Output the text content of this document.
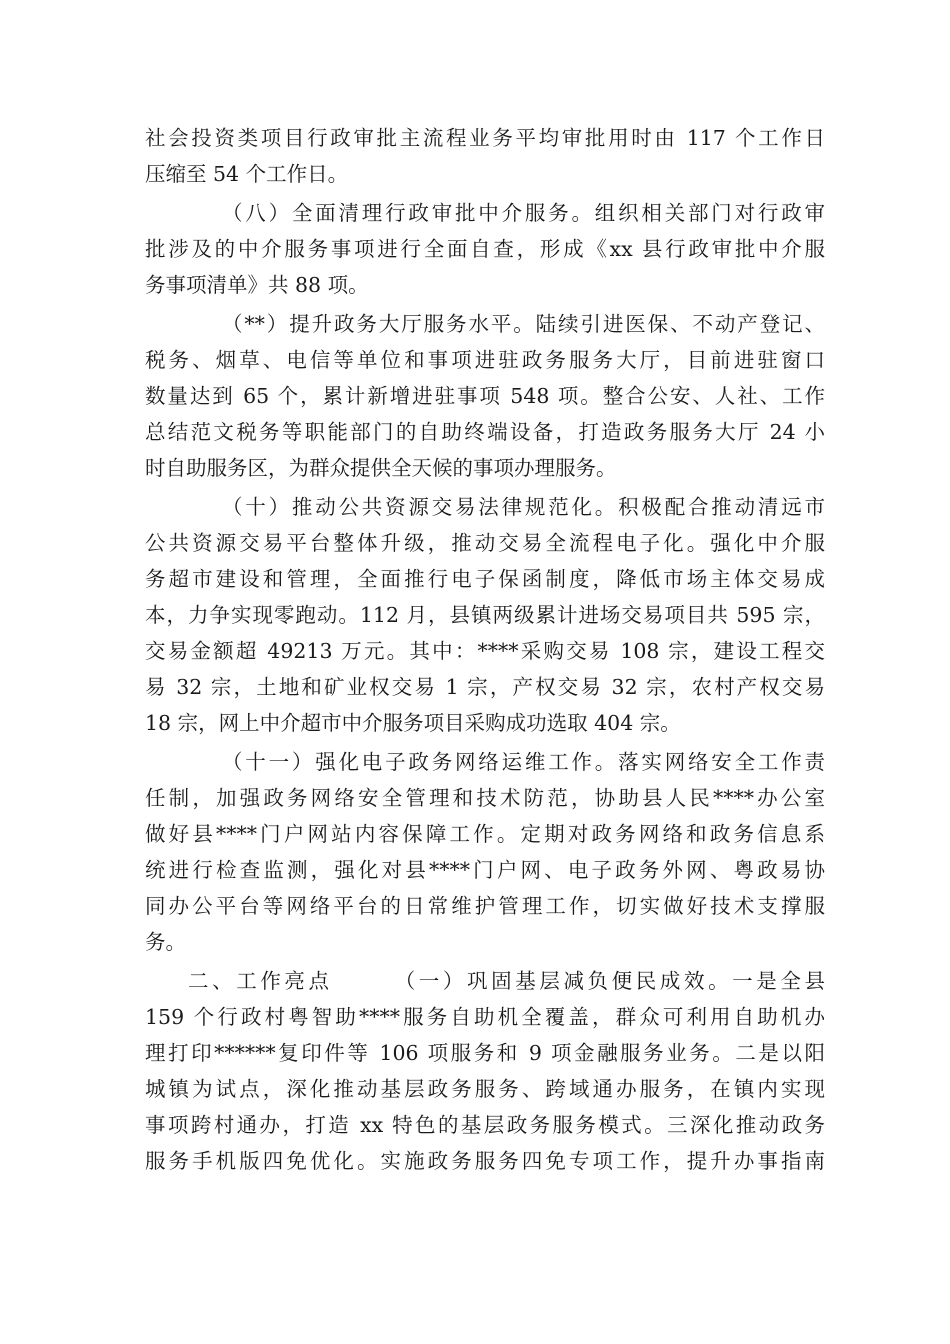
社会投资类项目行政审批主流程业务平均审批用时由 117 个工作日
压缩至 54 个工作日。
（八）全面清理行政审批中介服务。组织相关部门对行政审
批涉及的中介服务事项进行全面自查，形成《xx 县行政审批中介服
务事项清单》共 88 项。
（**）提升政务大厅服务水平。陆续引进医保、不动产登记、
税务、烟草、电信等单位和事项进驻政务服务大厅，目前进驻窗口
数量达到 65 个，累计新增进驻事项 548 项。整合公安、人社、工作
总结范文税务等职能部门的自助终端设备，打造政务服务大厅 24 小
时自助服务区，为群众提供全天候的事项办理服务。
（十）推动公共资源交易法律规范化。积极配合推动清远市
公共资源交易平台整体升级，推动交易全流程电子化。强化中介服
务超市建设和管理，全面推行电子保函制度，降低市场主体交易成
本，力争实现零跑动。112 月，县镇两级累计进场交易项目共 595 宗，
交易金额超 49213 万元。其中：****采购交易 108 宗，建设工程交
易 32 宗，土地和矿业权交易 1 宗，产权交易 32 宗，农村产权交易
18 宗，网上中介超市中介服务项目采购成功选取 404 宗。
（十一）强化电子政务网络运维工作。落实网络安全工作责
任制，加强政务网络安全管理和技术防范，协助县人民****办公室
做好县****门户网站内容保障工作。定期对政务网络和政务信息系
统进行检查监测，强化对县****门户网、电子政务外网、粤政易协
同办公平台等网络平台的日常维护管理工作，切实做好技术支撑服
务。
二、工作亮点　　　（一）巩固基层减负便民成效。一是全县
159 个行政村粤智助****服务自助机全覆盖，群众可利用自助机办
理打印******复印件等 106 项服务和 9 项金融服务业务。二是以阳
城镇为试点，深化推动基层政务服务、跨域通办服务，在镇内实现
事项跨村通办，打造 xx 特色的基层政务服务模式。三深化推动政务
服务手机版四免优化。实施政务服务四免专项工作，提升办事指南
